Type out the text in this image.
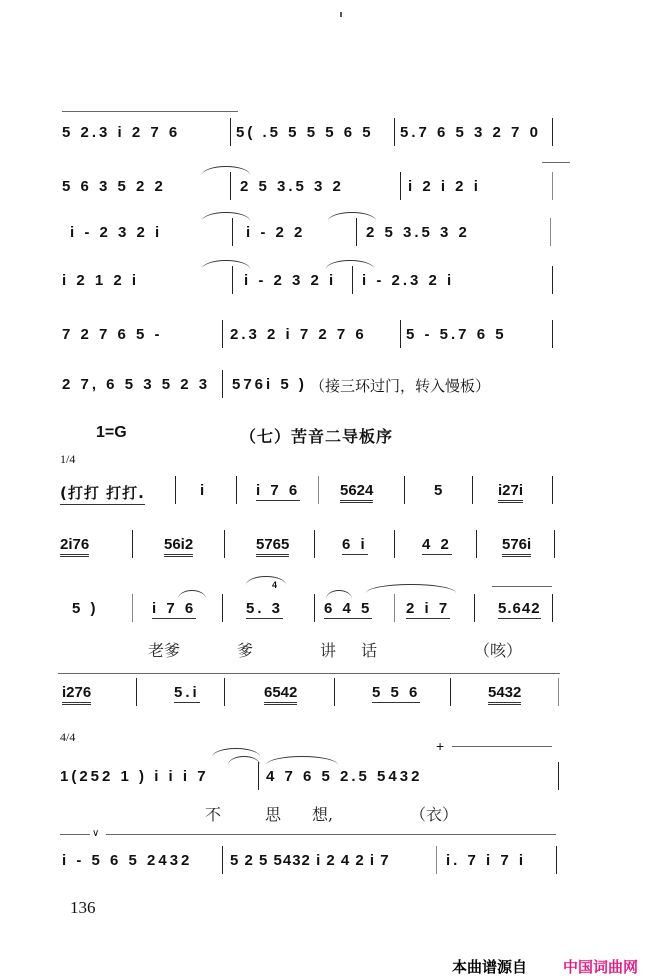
5 2.3 i 2 7 6	5( .5 5 5 5 6 5 5.7 6 5 3 2 7 0
5 6 3 5 2 2	2 5 3.5 3 2	i 2 i 2 i
i - 2 3 2 i	i - 2 2	2 5 3.5 3 2
i 2 1 2 i	i - 2 3 2 i i - 2.3 2 i
7 2 7 6 5 -	2.3 2 i 7 2 7 6	5 - 5.7 6 5
2 7, 6 5 3 5 2 3 576i 5 ) （接三环过门，转入慢板）
1=G	（七）苦音二导板序
1/4
(打打 打打.	i	i 7 6	5624	5	i27i
2i76	56i2	5765	6 i	4 2	576i
5 )	i 7 6
4
5. 3	6 4 5 2 i 7	5.642
老爹	爹	讲 话	（咳）
i276	5.i	6542	5 5 6	5432
4/4
+
1(252 1 ) i i i 7	4 7 6 5 2.5 5432
不	思 想,	（衣）
∨
i - 5 6 5 2432	5 2 5 5432 i 2 4 2 i 7	i. 7 i 7 i
136
本曲谱源自 中国词曲网
